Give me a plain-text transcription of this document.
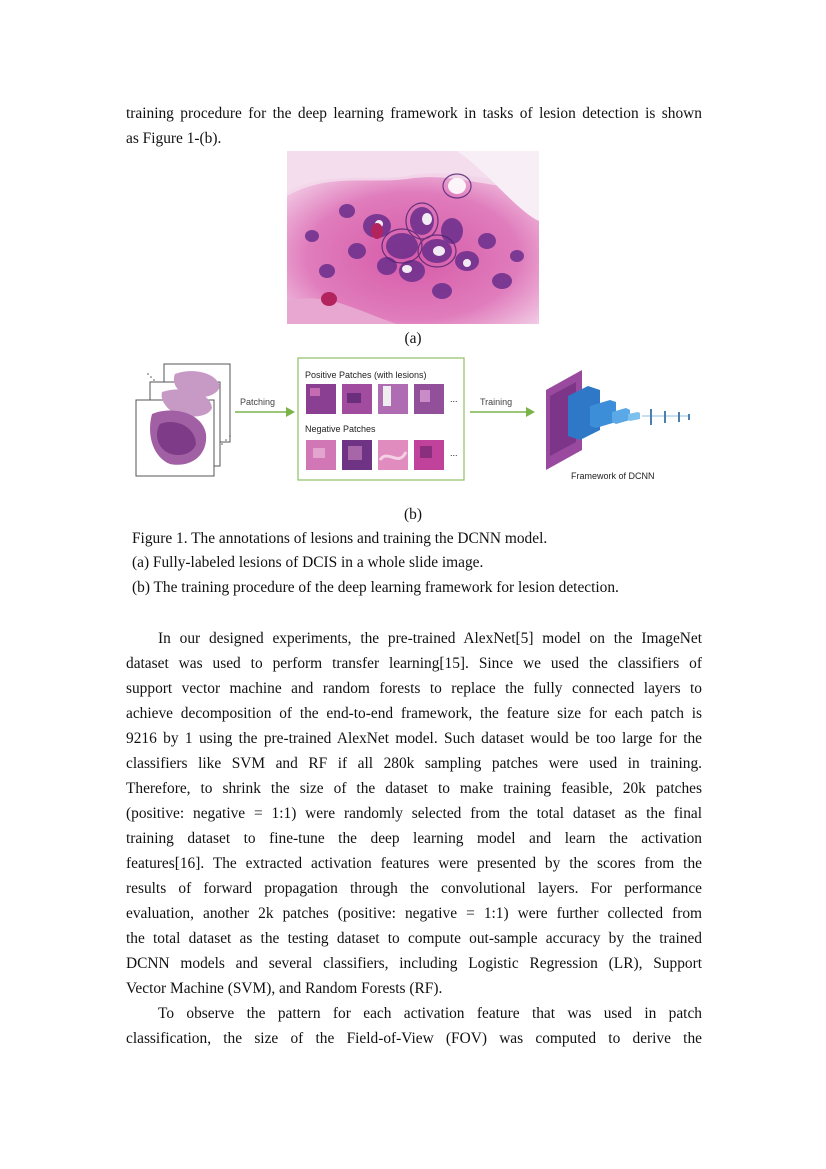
training procedure for the deep learning framework in tasks of lesion detection is shown
as Figure 1-(b).
(a)
Patching
Positive Patches (with lesions)
...
Negative Patches
...
Training
Framework of DCNN
(b)
Figure 1. The annotations of lesions and training the DCNN model.
(a) Fully-labeled lesions of DCIS in a whole slide image.
(b) The training procedure of the deep learning framework for lesion detection.
In our designed experiments, the pre-trained AlexNet[5] model on the ImageNet
dataset was used to perform transfer learning[15]. Since we used the classifiers of
support vector machine and random forests to replace the fully connected layers to
achieve decomposition of the end-to-end framework, the feature size for each patch is
9216 by 1 using the pre-trained AlexNet model. Such dataset would be too large for the
classifiers like SVM and RF if all 280k sampling patches were used in training.
Therefore, to shrink the size of the dataset to make training feasible, 20k patches
(positive: negative = 1:1) were randomly selected from the total dataset as the final
training dataset to fine-tune the deep learning model and learn the activation
features[16]. The extracted activation features were presented by the scores from the
results of forward propagation through the convolutional layers. For performance
evaluation, another 2k patches (positive: negative = 1:1) were further collected from
the total dataset as the testing dataset to compute out-sample accuracy by the trained
DCNN models and several classifiers, including Logistic Regression (LR), Support
Vector Machine (SVM), and Random Forests (RF).
To observe the pattern for each activation feature that was used in patch
classification, the size of the Field-of-View (FOV) was computed to derive the
